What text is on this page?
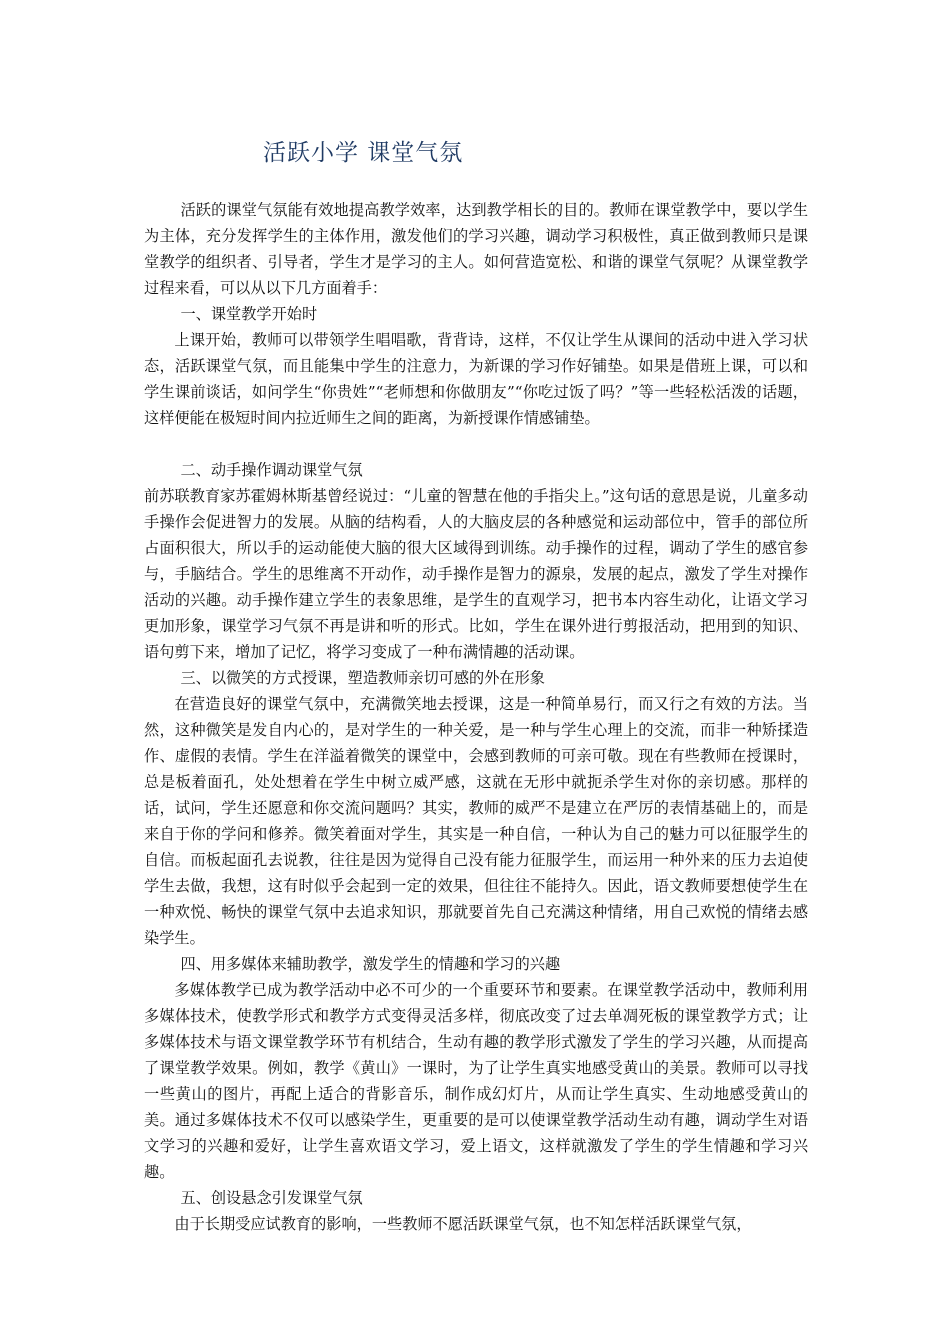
活跃小学 课堂气氛

活跃的课堂气氛能有效地提高教学效率，达到教学相长的目的。教师在课堂教学中，要以学生为主体，充分发挥学生的主体作用，激发他们的学习兴趣，调动学习积极性，真正做到教师只是课堂教学的组织者、引导者，学生才是学习的主人。如何营造宽松、和谐的课堂气氛呢？从课堂教学过程来看，可以从以下几方面着手：

一、课堂教学开始时

上课开始，教师可以带领学生唱唱歌，背背诗，这样，不仅让学生从课间的活动中进入学习状态，活跃课堂气氛，而且能集中学生的注意力，为新课的学习作好铺垫。如果是借班上课，可以和学生课前谈话，如问学生“你贵姓”“老师想和你做朋友”“你吃过饭了吗？”等一些轻松活泼的话题，这样便能在极短时间内拉近师生之间的距离，为新授课作情感铺垫。

二、动手操作调动课堂气氛

前苏联教育家苏霍姆林斯基曾经说过：“儿童的智慧在他的手指尖上。”这句话的意思是说，儿童多动手操作会促进智力的发展。从脑的结构看，人的大脑皮层的各种感觉和运动部位中，管手的部位所占面积很大，所以手的运动能使大脑的很大区域得到训练。动手操作的过程，调动了学生的感官参与，手脑结合。学生的思维离不开动作，动手操作是智力的源泉，发展的起点，激发了学生对操作活动的兴趣。动手操作建立学生的表象思维，是学生的直观学习，把书本内容生动化，让语文学习更加形象，课堂学习气氛不再是讲和听的形式。比如，学生在课外进行剪报活动，把用到的知识、语句剪下来，增加了记忆，将学习变成了一种布满情趣的活动课。

三、以微笑的方式授课，塑造教师亲切可感的外在形象

在营造良好的课堂气氛中，充满微笑地去授课，这是一种简单易行，而又行之有效的方法。当然，这种微笑是发自内心的，是对学生的一种关爱，是一种与学生心理上的交流，而非一种矫揉造作、虚假的表情。学生在洋溢着微笑的课堂中，会感到教师的可亲可敬。现在有些教师在授课时，总是板着面孔，处处想着在学生中树立威严感，这就在无形中就扼杀学生对你的亲切感。那样的话，试问，学生还愿意和你交流问题吗？其实，教师的威严不是建立在严厉的表情基础上的，而是来自于你的学问和修养。微笑着面对学生，其实是一种自信，一种认为自己的魅力可以征服学生的自信。而板起面孔去说教，往往是因为觉得自己没有能力征服学生，而运用一种外来的压力去迫使学生去做，我想，这有时似乎会起到一定的效果，但往往不能持久。因此，语文教师要想使学生在一种欢悦、畅快的课堂气氛中去追求知识，那就要首先自己充满这种情绪，用自己欢悦的情绪去感染学生。

四、用多媒体来辅助教学，激发学生的情趣和学习的兴趣

多媒体教学已成为教学活动中必不可少的一个重要环节和要素。在课堂教学活动中，教师利用多媒体技术，使教学形式和教学方式变得灵活多样，彻底改变了过去单凋死板的课堂教学方式；让多媒体技术与语文课堂教学环节有机结合，生动有趣的教学形式激发了学生的学习兴趣，从而提高了课堂教学效果。例如，教学《黄山》一课时，为了让学生真实地感受黄山的美景。教师可以寻找一些黄山的图片，再配上适合的背影音乐，制作成幻灯片，从而让学生真实、生动地感受黄山的美。通过多媒体技术不仅可以感染学生，更重要的是可以使课堂教学活动生动有趣，调动学生对语文学习的兴趣和爱好，让学生喜欢语文学习，爱上语文，这样就激发了学生的学生情趣和学习兴趣。

五、创设悬念引发课堂气氛

由于长期受应试教育的影响，一些教师不愿活跃课堂气氛，也不知怎样活跃课堂气氛，
